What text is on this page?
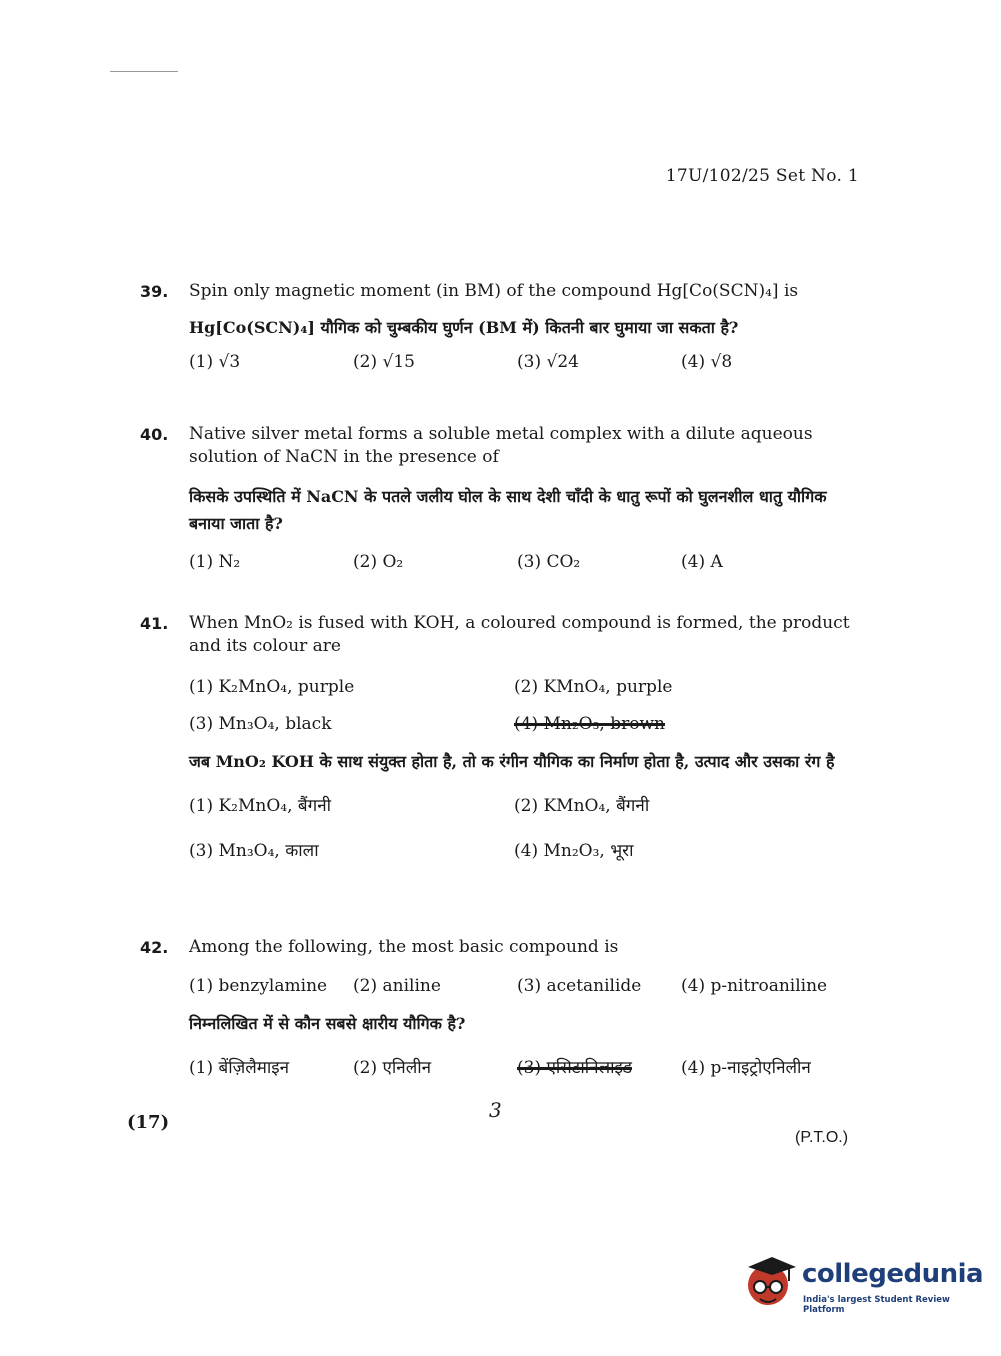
17U/102/25 Set No. 1
39. Spin only magnetic moment (in BM) of the compound Hg[Co(SCN)₄] is
Hg[Co(SCN)₄] यौगिक को चुम्बकीय घुर्णन (BM में) कितनी बार घुमाया जा सकता है?
(1) √3	(2) √15	(3) √24	(4) √8
40. Native silver metal forms a soluble metal complex with a dilute aqueous solution of NaCN in the presence of
किसके उपस्थिति में NaCN के पतले जलीय घोल के साथ देशी चाँदी के धातु रूपों को घुलनशील धातु यौगिक बनाया जाता है?
(1) N₂	(2) O₂	(3) CO₂	(4) A
41. When MnO₂ is fused with KOH, a coloured compound is formed, the product and its colour are
(1) K₂MnO₄, purple	(2) KMnO₄, purple
(3) Mn₃O₄, black	(4) Mn₂O₃, brown
जब MnO₂ KOH के साथ संयुक्त होता है, तो क रंगीन यौगिक का निर्माण होता है, उत्पाद और उसका रंग है
(1) K₂MnO₄, बैंगनी	(2) KMnO₄, बैंगनी
(3) Mn₃O₄, काला	(4) Mn₂O₃, भूरा
42. Among the following, the most basic compound is
(1) benzylamine	(2) aniline	(3) acetanilide	(4) p-nitroaniline
निम्नलिखित में से कौन सबसे क्षारीय यौगिक है?
(1) बेंज़िलैमाइन	(2) एनिलीन	(3) एसिटानिलाइड	(4) p-नाइट्रोएनिलीन
3
(17)
(P.T.O.)
collegedunia
India's largest Student Review Platform
